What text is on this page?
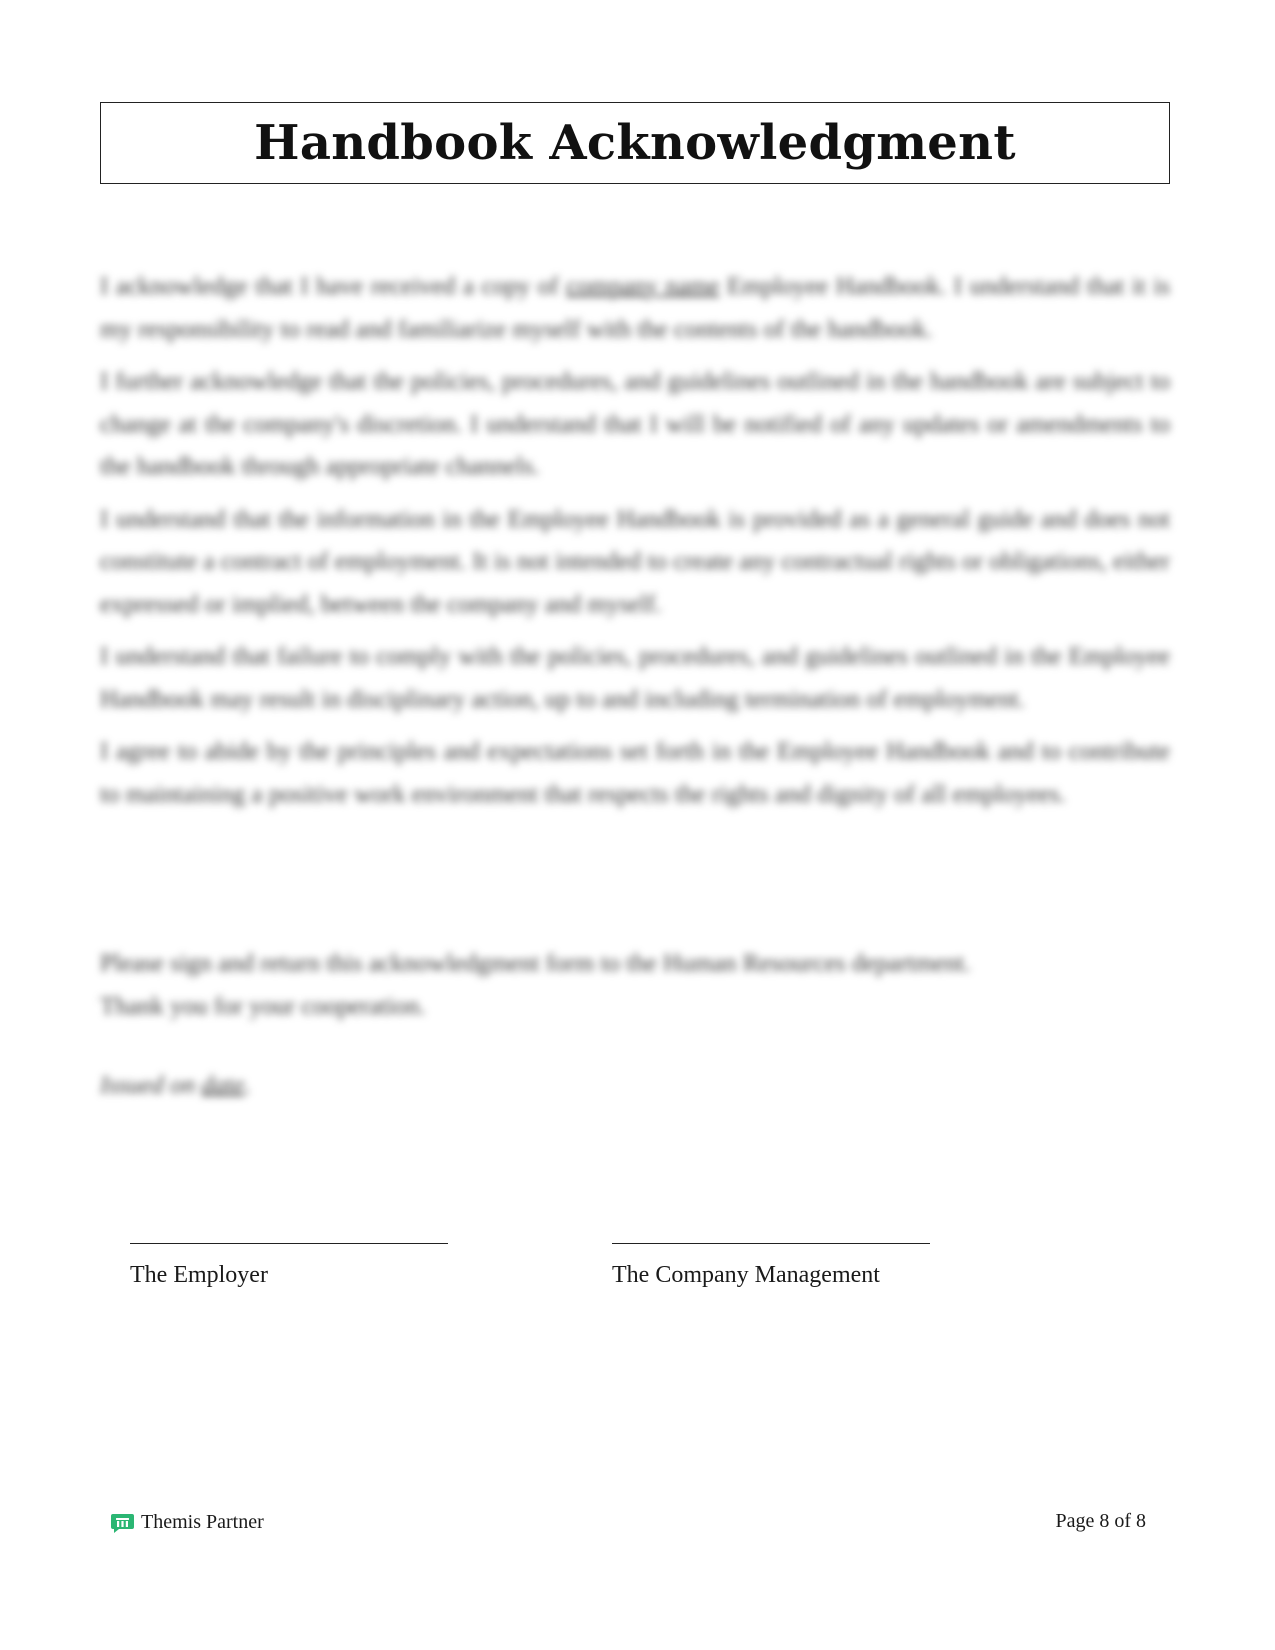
Handbook Acknowledgment

I acknowledge that I have received a copy of company name Employee Handbook. I understand that it is my responsibility to read and familiarize myself with the contents of the handbook.

I further acknowledge that the policies, procedures, and guidelines outlined in the handbook are subject to change at the company's discretion. I understand that I will be notified of any updates or amendments to the handbook through appropriate channels.

I understand that the information in the Employee Handbook is provided as a general guide and does not constitute a contract of employment. It is not intended to create any contractual rights or obligations, either expressed or implied, between the company and myself.

I understand that failure to comply with the policies, procedures, and guidelines outlined in the Employee Handbook may result in disciplinary action, up to and including termination of employment.

I agree to abide by the principles and expectations set forth in the Employee Handbook and to contribute to maintaining a positive work environment that respects the rights and dignity of all employees.

Please sign and return this acknowledgment form to the Human Resources department.
Thank you for your cooperation.
Issued on date.
The Employer	The Company Management
Themis Partner	Page 8 of 8
